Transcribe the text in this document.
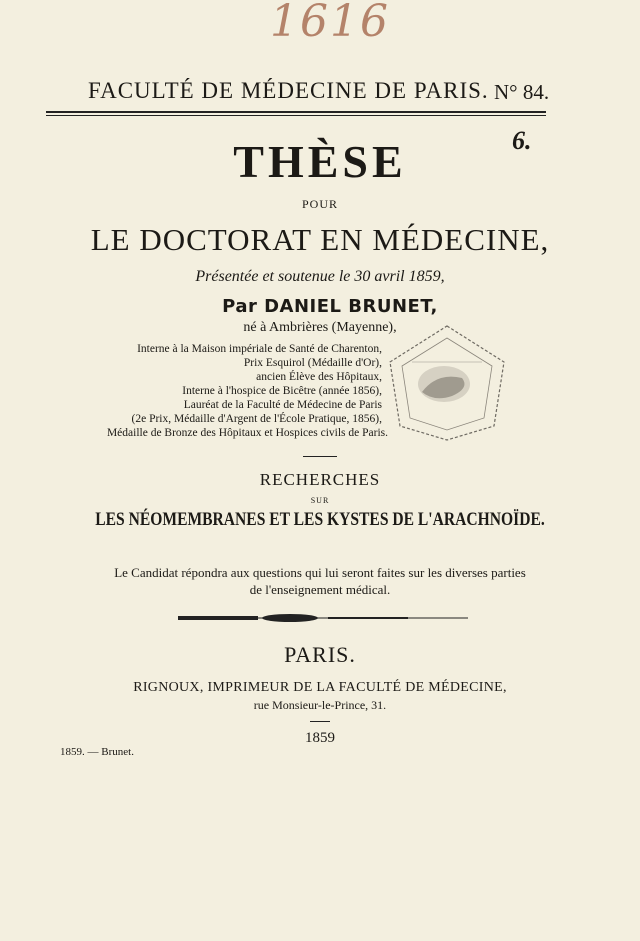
1616
FACULTÉ DE MÉDECINE DE PARIS. N° 84.
6.
THÈSE
POUR
LE DOCTORAT EN MÉDECINE,
Présentée et soutenue le 30 avril 1859,
Par DANIEL BRUNET,
né à Ambrières (Mayenne),
Interne à la Maison impériale de Santé de Charenton,
Prix Esquirol (Médaille d'Or),
ancien Élève des Hôpitaux,
Interne à l'hospice de Bicêtre (année 1856),
Lauréat de la Faculté de Médecine de Paris
(2e Prix, Médaille d'Argent de l'École Pratique, 1856),
Médaille de Bronze des Hôpitaux et Hospices civils de Paris.
RECHERCHES
SUR
LES NÉOMEMBRANES ET LES KYSTES DE L'ARACHNOÏDE.
Le Candidat répondra aux questions qui lui seront faites sur les diverses parties
de l'enseignement médical.
PARIS.
RIGNOUX, IMPRIMEUR DE LA FACULTÉ DE MÉDECINE,
rue Monsieur-le-Prince, 31.
1859
1859. — Brunet.
